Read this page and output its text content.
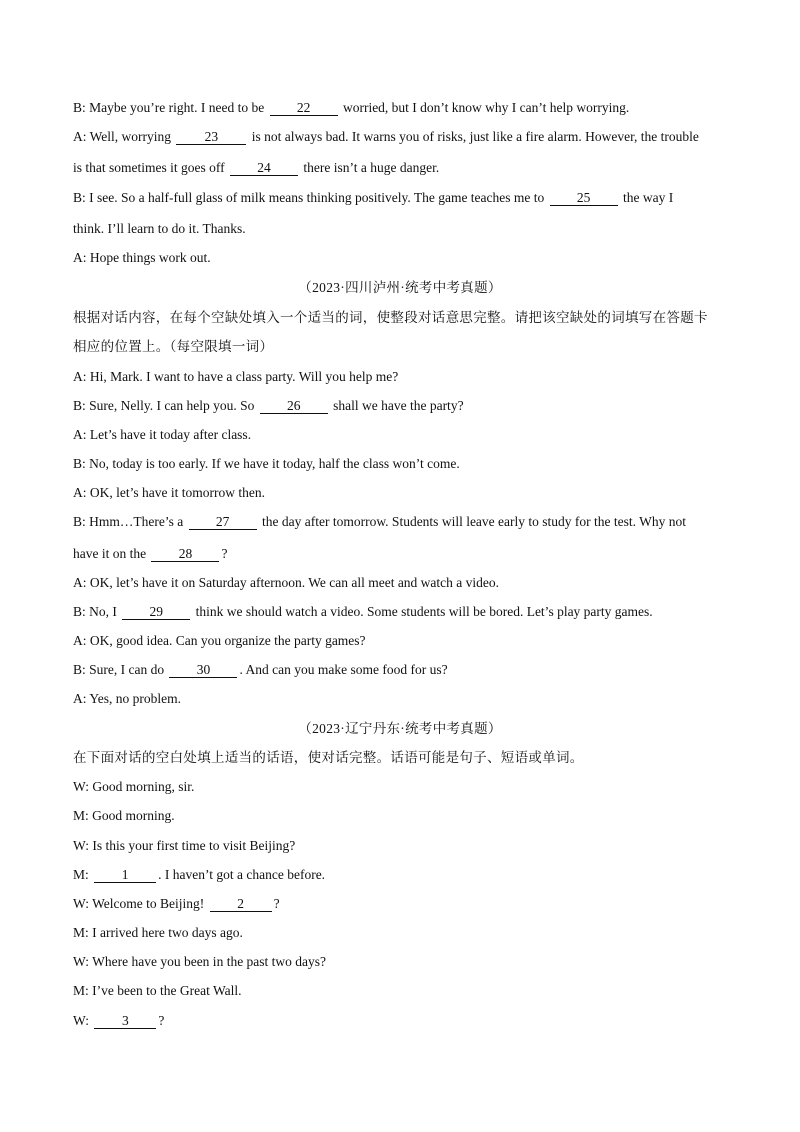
B: Maybe you’re right. I need to be 22 worried, but I don’t know why I can’t help worrying.
A: Well, worrying 23 is not always bad. It warns you of risks, just like a fire alarm. However, the trouble
is that sometimes it goes off 24 there isn’t a huge danger.
B: I see. So a half-full glass of milk means thinking positively. The game teaches me to 25 the way I
think. I’ll learn to do it. Thanks.
A: Hope things work out.
（2023·四川泸州·统考中考真题）
根据对话内容，在每个空缺处填入一个适当的词，使整段对话意思完整。请把该空缺处的词填写在答题卡
相应的位置上。（每空限填一词）
A: Hi, Mark. I want to have a class party. Will you help me?
B: Sure, Nelly. I can help you. So 26 shall we have the party?
A: Let’s have it today after class.
B: No, today is too early. If we have it today, half the class won’t come.
A: OK, let’s have it tomorrow then.
B: Hmm…There’s a 27 the day after tomorrow. Students will leave early to study for the test. Why not
have it on the 28 ?
A: OK, let’s have it on Saturday afternoon. We can all meet and watch a video.
B: No, I 29 think we should watch a video. Some students will be bored. Let’s play party games.
A: OK, good idea. Can you organize the party games?
B: Sure, I can do 30 . And can you make some food for us?
A: Yes, no problem.
（2023·辽宁丹东·统考中考真题）
在下面对话的空白处填上适当的话语，使对话完整。话语可能是句子、短语或单词。
W: Good morning, sir.
M: Good morning.
W: Is this your first time to visit Beijing?
M: 1 . I haven’t got a chance before.
W: Welcome to Beijing! 2 ?
M: I arrived here two days ago.
W: Where have you been in the past two days?
M: I’ve been to the Great Wall.
W: 3 ?
